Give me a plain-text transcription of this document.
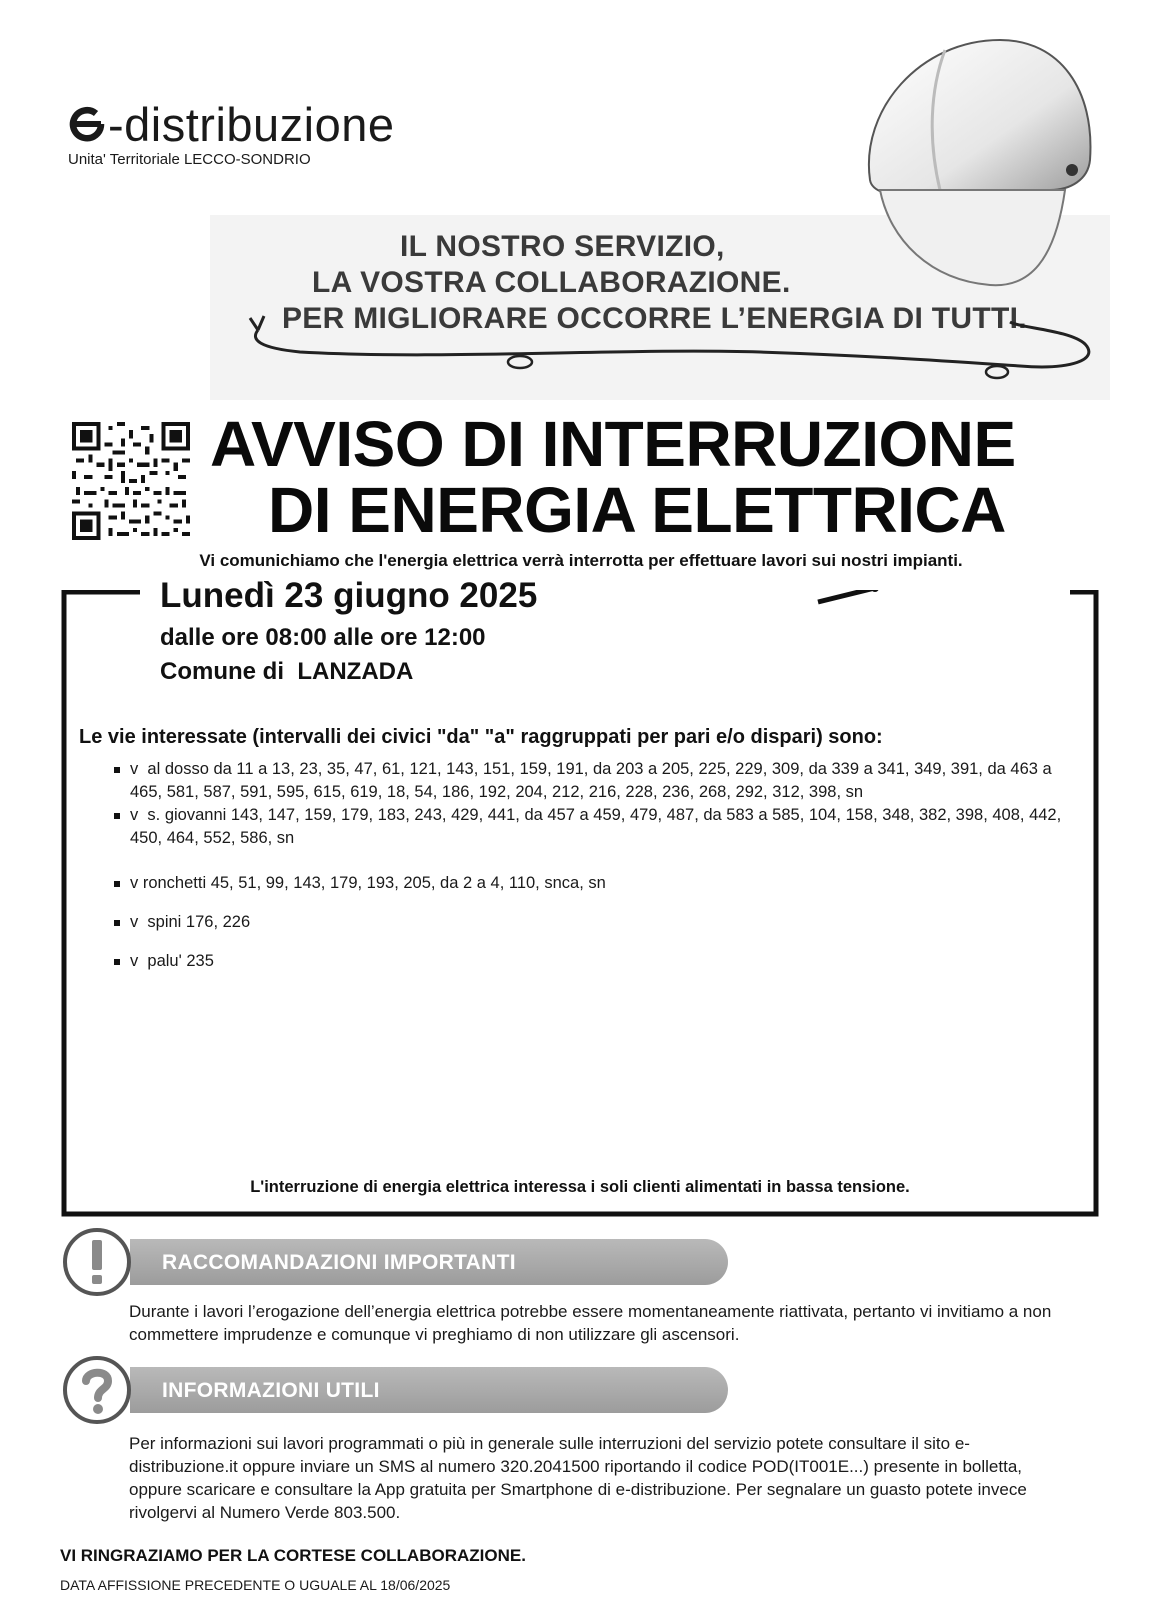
-distribuzione
Unita' Territoriale LECCO-SONDRIO
IL NOSTRO SERVIZIO,
LA VOSTRA COLLABORAZIONE.
PER MIGLIORARE OCCORRE L’ENERGIA DI TUTTI.
AVVISO DI INTERRUZIONE
DI ENERGIA ELETTRICA
Vi comunichiamo che l'energia elettrica verrà interrotta per effettuare lavori sui nostri impianti.
Lunedì 23 giugno 2025
dalle ore 08:00 alle ore 12:00
Comune di  LANZADA
Le vie interessate (intervalli dei civici "da" "a" raggruppati per pari e/o dispari) sono:
v  al dosso da 11 a 13, 23, 35, 47, 61, 121, 143, 151, 159, 191, da 203 a 205, 225, 229, 309, da 339 a 341, 349, 391, da 463 a 465, 581, 587, 591, 595, 615, 619, 18, 54, 186, 192, 204, 212, 216, 228, 236, 268, 292, 312, 398, sn
v  s. giovanni 143, 147, 159, 179, 183, 243, 429, 441, da 457 a 459, 479, 487, da 583 a 585, 104, 158, 348, 382, 398, 408, 442, 450, 464, 552, 586, sn
v ronchetti 45, 51, 99, 143, 179, 193, 205, da 2 a 4, 110, snca, sn
v  spini 176, 226
v  palu' 235
L'interruzione di energia elettrica interessa i soli clienti alimentati in bassa tensione.
RACCOMANDAZIONI IMPORTANTI
Durante i lavori l’erogazione dell’energia elettrica potrebbe essere momentaneamente riattivata, pertanto vi invitiamo a non commettere imprudenze e comunque vi preghiamo di non utilizzare gli ascensori.
INFORMAZIONI UTILI
Per informazioni sui lavori programmati o più in generale sulle interruzioni del servizio potete consultare il sito e-distribuzione.it oppure inviare un SMS al numero 320.2041500 riportando il codice POD(IT001E...) presente in bolletta, oppure scaricare e consultare la App gratuita per Smartphone di e-distribuzione. Per segnalare un guasto potete invece rivolgervi al Numero Verde 803.500.
VI RINGRAZIAMO PER LA CORTESE COLLABORAZIONE.
DATA AFFISSIONE PRECEDENTE O UGUALE AL 18/06/2025
